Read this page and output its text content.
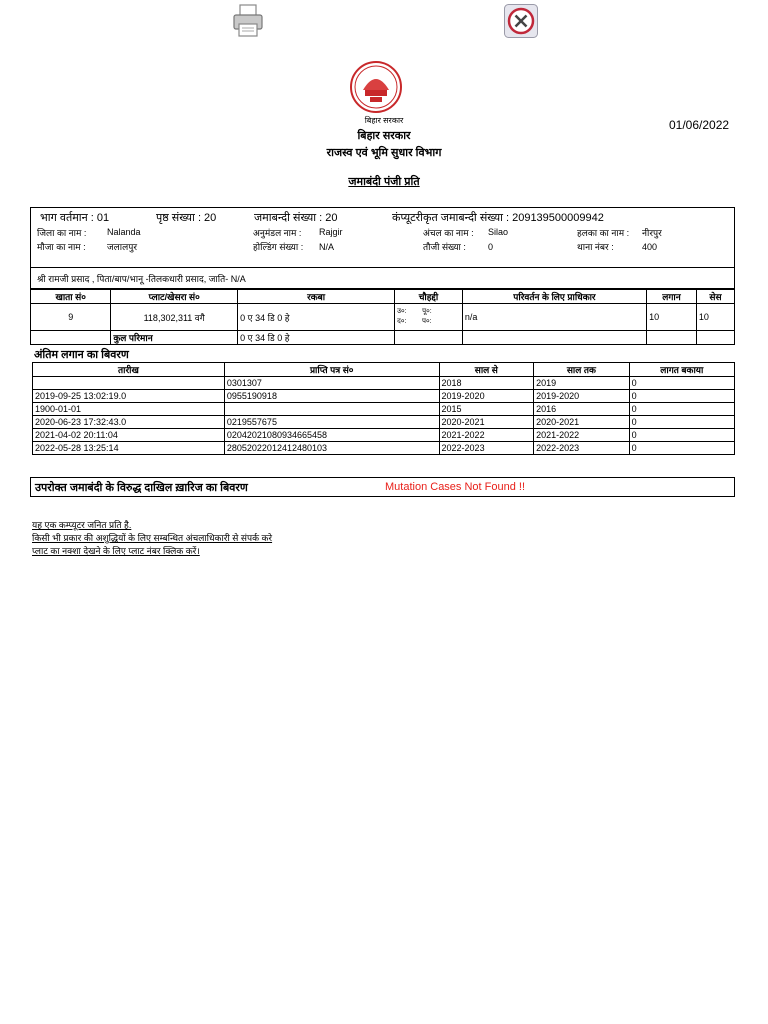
बिहार सरकार
बिहार सरकार
राजस्व एवं भूमि सुधार विभाग
01/06/2022
जमाबंदी पंजी प्रति
भाग वर्तमान : 01	पृष्ठ संख्या : 20	जमाबन्दी संख्या : 20	कंप्यूटरीकृत जमाबन्दी संख्या : 209139500009942
जिला का नाम : Nalanda	अनुमंडल नाम : Rajgir	अंचल का नाम : Silao	हलका का नाम : नीरपुर
मौजा का नाम : जलालपुर	होल्डिंग संख्या : N/A	तौजी संख्या : 0	थाना नंबर :	400
श्री रामजी प्रसाद , पिता/बाप/भानू -तिलकधारी प्रसाद, जाति- N/A
खाता सं०	प्लाट/खेसरा सं०	रकबा	चौहद्दी	परिवर्तन के लिए प्राधिकार	लगान	सेस
9	118,302,311 वगै	0 ए 34 डि 0 हे	उ०: पू०:
द०: प०:	n/a	10	10
	कुल परिमान	0 ए 34 डि 0 हे				
अंतिम लगान का बिवरण
तारीख	प्राप्ति पत्र सं०	साल से	साल तक	लागत बकाया
	0301307	2018	2019	0
2019-09-25 13:02:19.0	0955190918	2019-2020	2019-2020	0
1900-01-01		2015	2016	0
2020-06-23 17:32:43.0	0219557675	2020-2021	2020-2021	0
2021-04-02 20:11:04	02042021080934665458	2021-2022	2021-2022	0
2022-05-28 13:25:14	28052022012412480103	2022-2023	2022-2023	0
उपरोक्त जमाबंदी के विरुद्ध दाखिल ख़ारिज का बिवरण	Mutation Cases Not Found !!
यह एक कम्प्यूटर जनित प्रति है.
किसी भी प्रकार की अशुद्धियों के लिए सम्बन्धित अंचलाधिकारी से संपर्क करे
प्लाट का नक्शा देखने के लिए प्लाट नंबर क्लिक करें।
